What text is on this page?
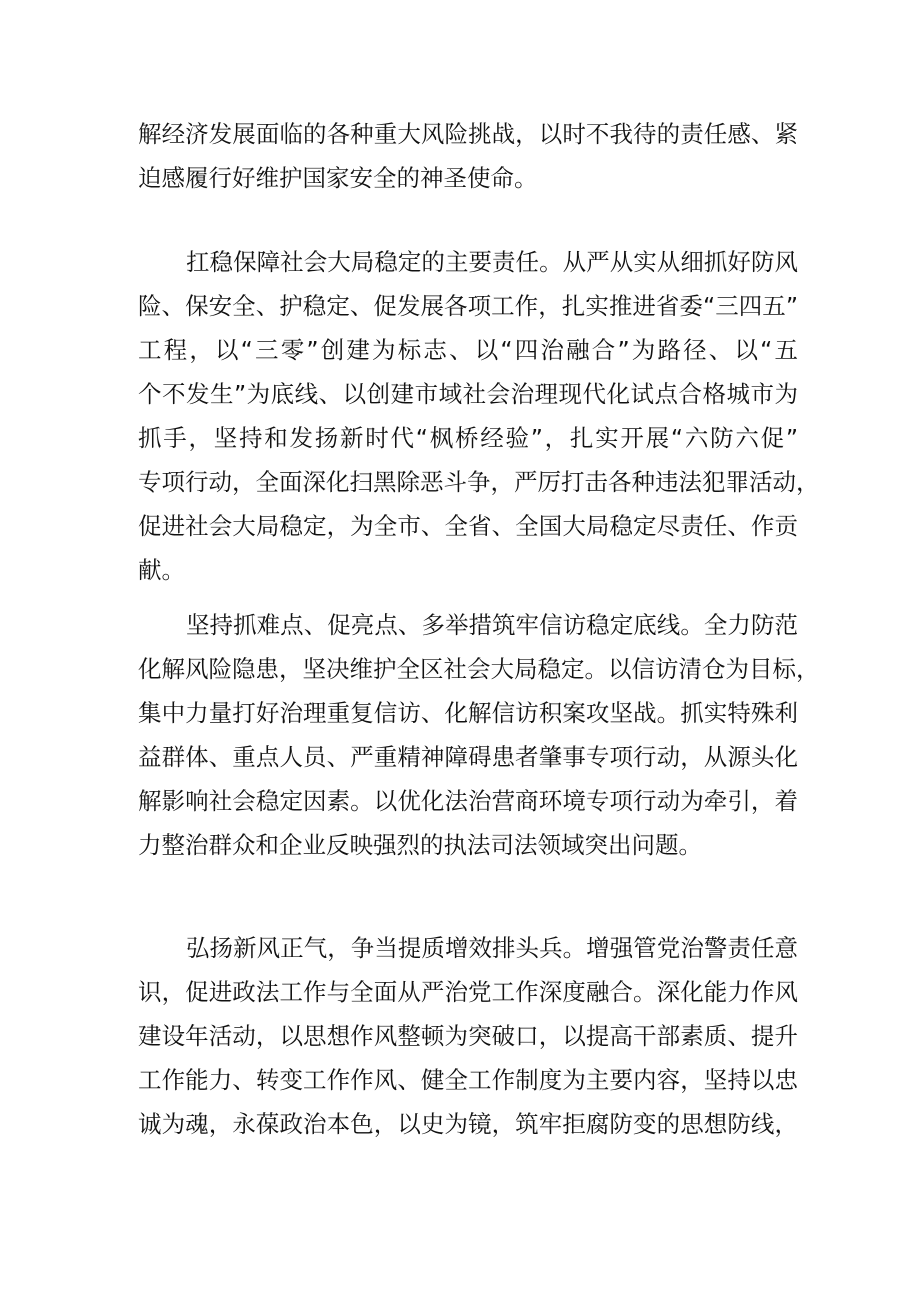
解经济发展面临的各种重大风险挑战，以时不我待的责任感、紧
迫感履行好维护国家安全的神圣使命。
扛稳保障社会大局稳定的主要责任。从严从实从细抓好防风
险、保安全、护稳定、促发展各项工作，扎实推进省委“三四五”
工程，以“三零”创建为标志、以“四治融合”为路径、以“五
个不发生”为底线、以创建市域社会治理现代化试点合格城市为
抓手，坚持和发扬新时代“枫桥经验”，扎实开展“六防六促”
专项行动，全面深化扫黑除恶斗争，严厉打击各种违法犯罪活动，
促进社会大局稳定，为全市、全省、全国大局稳定尽责任、作贡
献。
坚持抓难点、促亮点、多举措筑牢信访稳定底线。全力防范
化解风险隐患，坚决维护全区社会大局稳定。以信访清仓为目标，
集中力量打好治理重复信访、化解信访积案攻坚战。抓实特殊利
益群体、重点人员、严重精神障碍患者肇事专项行动，从源头化
解影响社会稳定因素。以优化法治营商环境专项行动为牵引，着
力整治群众和企业反映强烈的执法司法领域突出问题。
弘扬新风正气，争当提质增效排头兵。增强管党治警责任意
识，促进政法工作与全面从严治党工作深度融合。深化能力作风
建设年活动，以思想作风整顿为突破口，以提高干部素质、提升
工作能力、转变工作作风、健全工作制度为主要内容，坚持以忠
诚为魂，永葆政治本色，以史为镜，筑牢拒腐防变的思想防线，
